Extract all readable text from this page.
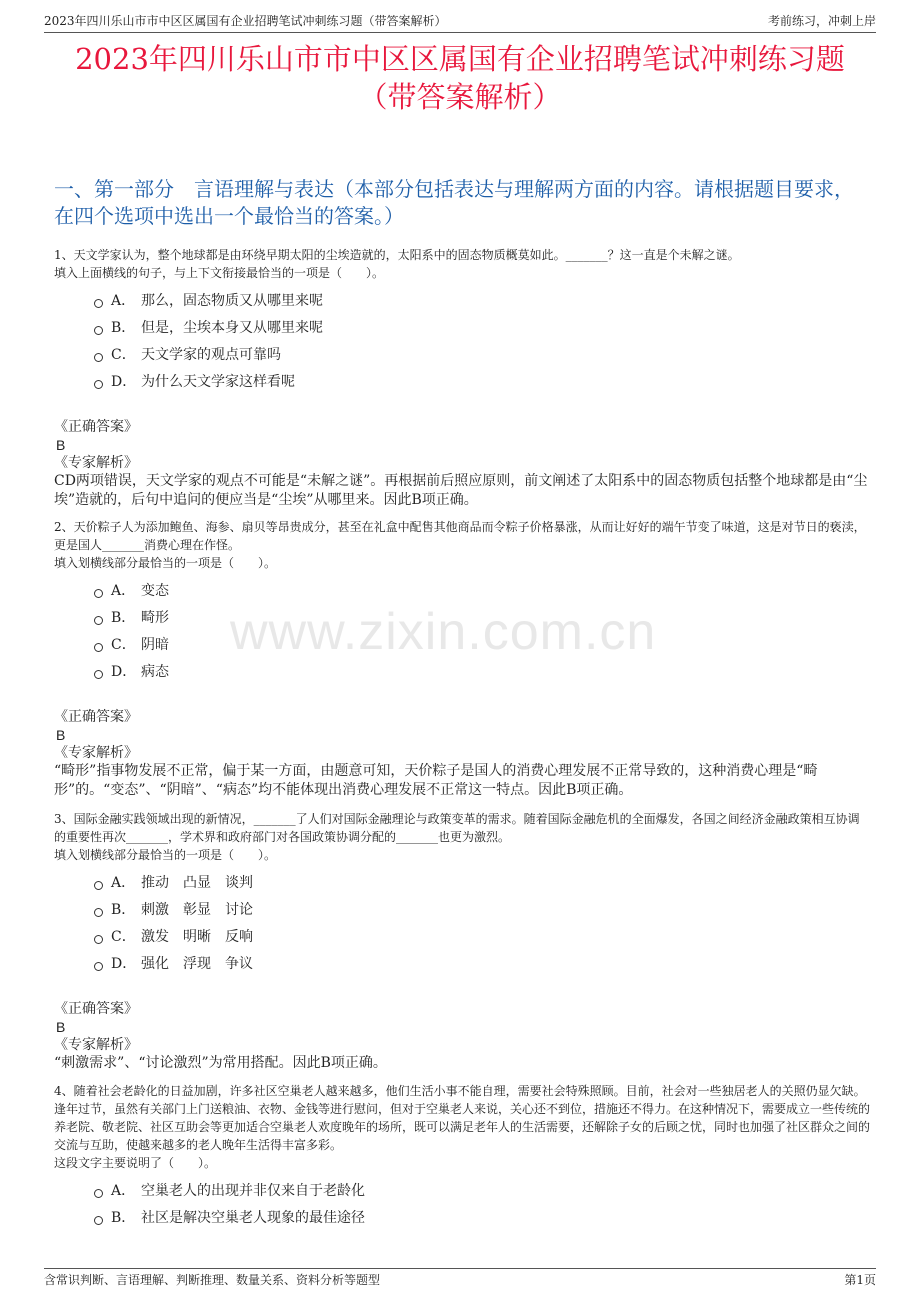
2023年四川乐山市市中区区属国有企业招聘笔试冲刺练习题（带答案解析）	考前练习，冲刺上岸
2023年四川乐山市市中区区属国有企业招聘笔试冲刺练习题
（带答案解析）
一、第一部分　言语理解与表达（本部分包括表达与理解两方面的内容。请根据题目要求，在四个选项中选出一个最恰当的答案。）
www.zixin.com.cn

1、天文学家认为，整个地球都是由环绕早期太阳的尘埃造就的，太阳系中的固态物质概莫如此。_______？这一直是个未解之谜。

填入上面横线的句子，与上下文衔接最恰当的一项是（　　）。

A． 那么，固态物质又从哪里来呢
B． 但是，尘埃本身又从哪里来呢
C． 天文学家的观点可靠吗
D． 为什么天文学家这样看呢
《正确答案》
B
《专家解析》

CD两项错误，天文学家的观点不可能是“未解之谜”。再根据前后照应原则，前文阐述了太阳系中的固态物质包括整个地球都是由“尘埃”造就的，后句中追问的便应当是“尘埃”从哪里来。因此B项正确。

2、天价粽子人为添加鲍鱼、海参、扇贝等昂贵成分，甚至在礼盒中配售其他商品而令粽子价格暴涨，从而让好好的端午节变了味道，这是对节日的亵渎，更是国人_______消费心理在作怪。

填入划横线部分最恰当的一项是（　　）。

A． 变态
B． 畸形
C． 阴暗
D． 病态
《正确答案》
B
《专家解析》

“畸形”指事物发展不正常，偏于某一方面，由题意可知，天价粽子是国人的消费心理发展不正常导致的，这种消费心理是“畸形”的。“变态”、“阴暗”、“病态”均不能体现出消费心理发展不正常这一特点。因此B项正确。

3、国际金融实践领域出现的新情况，_______了人们对国际金融理论与政策变革的需求。随着国际金融危机的全面爆发，各国之间经济金融政策相互协调的重要性再次_______，学术界和政府部门对各国政策协调分配的_______也更为激烈。

填入划横线部分最恰当的一项是（　　）。

A． 推动　凸显　谈判
B． 刺激　彰显　讨论
C． 激发　明晰　反响
D． 强化　浮现　争议
《正确答案》
B
《专家解析》

“刺激需求”、“讨论激烈”为常用搭配。因此B项正确。

4、随着社会老龄化的日益加剧，许多社区空巢老人越来越多，他们生活小事不能自理，需要社会特殊照顾。目前，社会对一些独居老人的关照仍显欠缺。逢年过节，虽然有关部门上门送粮油、衣物、金钱等进行慰问，但对于空巢老人来说，关心还不到位，措施还不得力。在这种情况下，需要成立一些传统的养老院、敬老院、社区互助会等更加适合空巢老人欢度晚年的场所，既可以满足老年人的生活需要，还解除子女的后顾之忧，同时也加强了社区群众之间的交流与互助，使越来越多的老人晚年生活得丰富多彩。

这段文字主要说明了（　　）。

A． 空巢老人的出现并非仅来自于老龄化
B． 社区是解决空巢老人现象的最佳途径
含常识判断、言语理解、判断推理、数量关系、资料分析等题型	第1页
